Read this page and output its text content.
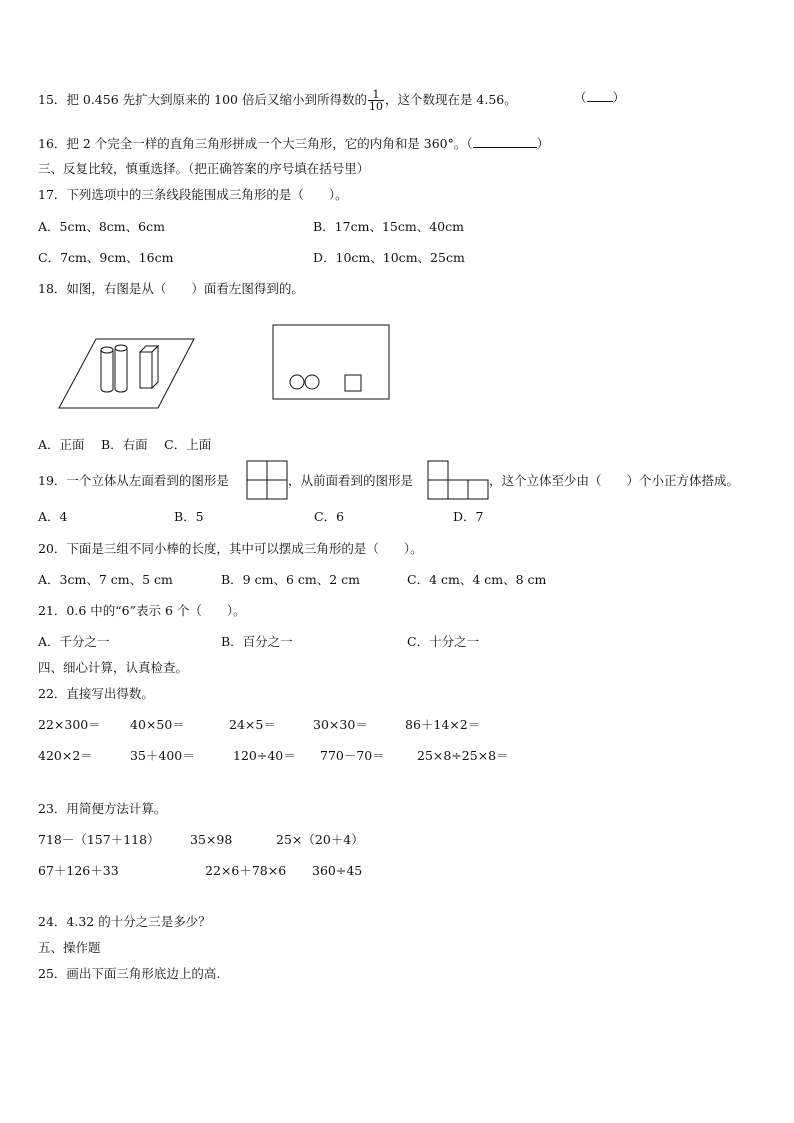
15．把 0.456 先扩大到原来的 100 倍后又缩小到所得数的 $\frac{1}{10}$ ，这个数现在是 4.56。	（ ）
16．把 2 个完全一样的直角三角形拼成一个大三角形，它的内角和是 360°。（	）
三、反复比较，慎重选择。（把正确答案的序号填在括号里）
17．下列选项中的三条线段能围成三角形的是（　　）。
A．5cm、8cm、6cm	B．17cm、15cm、40cm
C．7cm、9cm、16cm	D．10cm、10cm、25cm
18．如图，右图是从（　　）面看左图得到的。
A．正面　 B．右面　 C．上面
19．一个立体从左面看到的图形是	，从前面看到的图形是	，这个立体至少由（　　）个小正方体搭成。
A．4	B．5	C．6	D．7
20．下面是三组不同小棒的长度，其中可以摆成三角形的是（　　）。
A．3cm、7 cm、5 cm	B．9 cm、6 cm、2 cm	C．4 cm、4 cm、8 cm
21．0.6 中的“6”表示 6 个（　　）。
A．千分之一	B．百分之一	C．十分之一
四、细心计算，认真检查。
22．直接写出得数。
22×300＝ 40×50＝	24×5＝	30×30＝	86＋14×2＝
420×2＝	35＋400＝	120÷40＝ 770－70＝	25×8÷25×8＝
23．用简便方法计算。
718－（157＋118） 35×98	25×（20＋4）
67＋126＋33	22×6＋78×6 360÷45
24．4.32 的十分之三是多少？
五、操作题
25．画出下面三角形底边上的高.
